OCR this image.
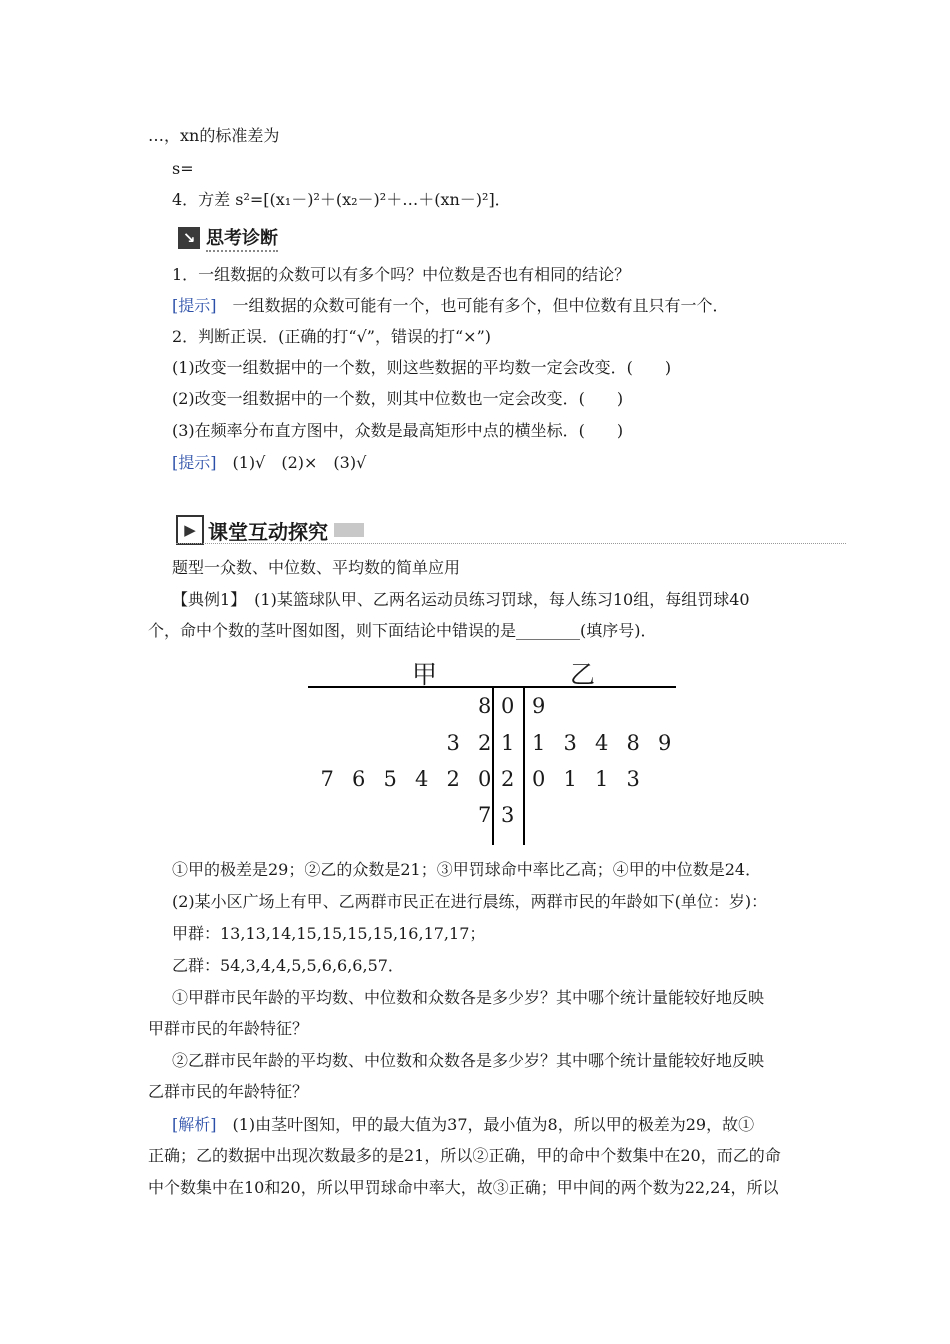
…，xn的标准差为
s=
4．方差 s²=[(x₁－)²＋(x₂－)²＋…＋(xn－)²]．
↘ 思考诊断
1．一组数据的众数可以有多个吗？中位数是否也有相同的结论？
[提示]　一组数据的众数可能有一个，也可能有多个，但中位数有且只有一个．
2．判断正误．(正确的打“√”，错误的打“×”)
(1)改变一组数据中的一个数，则这些数据的平均数一定会改变．(　　)
(2)改变一组数据中的一个数，则其中位数也一定会改变．(　　)
(3)在频率分布直方图中，众数是最高矩形中点的横坐标．(　　)
[提示]　(1)√　(2)×　(3)√
▶ 课堂互动探究
题型一众数、中位数、平均数的简单应用
【典例1】　(1)某篮球队甲、乙两名运动员练习罚球，每人练习10组，每组罚球40
个，命中个数的茎叶图如图，则下面结论中错误的是________(填序号)．
甲	乙
0
8 9
1
3 2 1 3 4 8 9
2
7 6 5 4 2 0 0 1 1 3
3
7
①甲的极差是29；②乙的众数是21；③甲罚球命中率比乙高；④甲的中位数是24．
(2)某小区广场上有甲、乙两群市民正在进行晨练，两群市民的年龄如下(单位：岁)：
甲群：13,13,14,15,15,15,15,16,17,17；
乙群：54,3,4,4,5,5,6,6,6,57．
①甲群市民年龄的平均数、中位数和众数各是多少岁？其中哪个统计量能较好地反映
甲群市民的年龄特征？
②乙群市民年龄的平均数、中位数和众数各是多少岁？其中哪个统计量能较好地反映
乙群市民的年龄特征？
[解析]　(1)由茎叶图知，甲的最大值为37，最小值为8，所以甲的极差为29，故①
正确；乙的数据中出现次数最多的是21，所以②正确，甲的命中个数集中在20，而乙的命
中个数集中在10和20，所以甲罚球命中率大，故③正确；甲中间的两个数为22,24，所以
